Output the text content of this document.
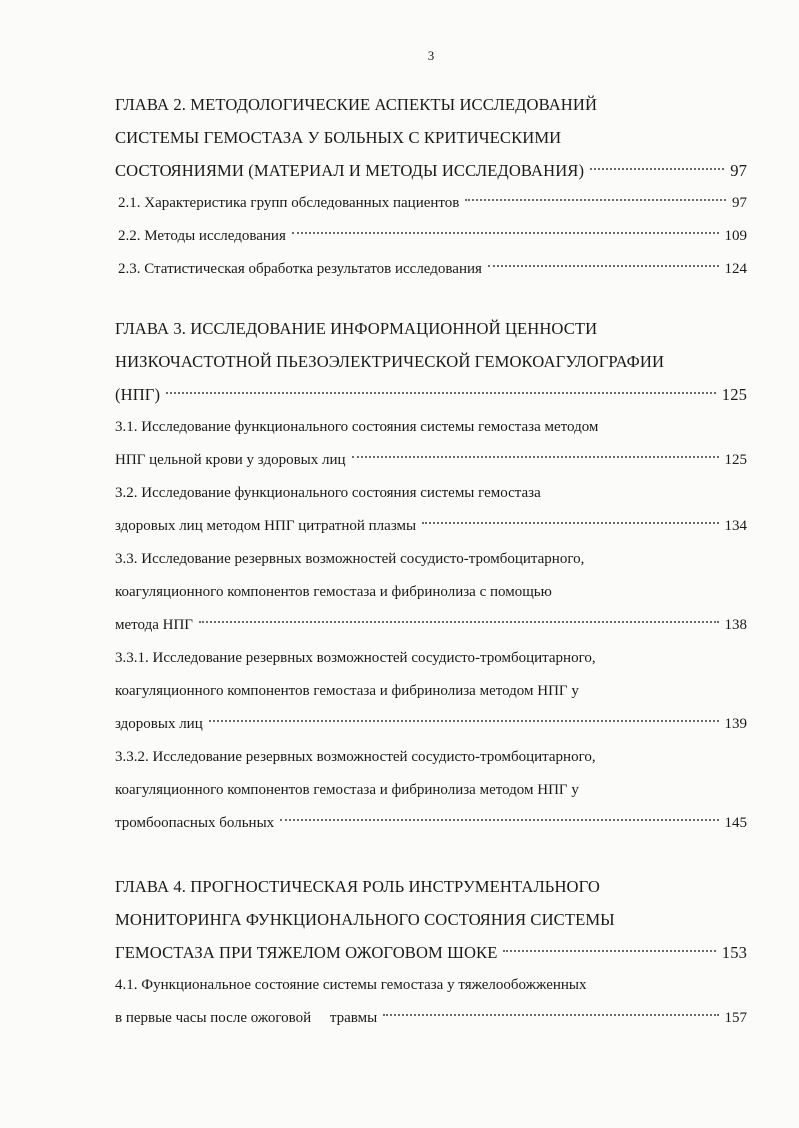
3
ГЛАВА 2. МЕТОДОЛОГИЧЕСКИЕ АСПЕКТЫ ИССЛЕДОВАНИЙ
СИСТЕМЫ ГЕМОСТАЗА У БОЛЬНЫХ С КРИТИЧЕСКИМИ
СОСТОЯНИЯМИ (МАТЕРИАЛ И МЕТОДЫ ИССЛЕДОВАНИЯ)	97
2.1. Характеристика групп обследованных пациентов	97
2.2. Методы исследования	109
2.3. Статистическая обработка результатов исследования	124
ГЛАВА 3. ИССЛЕДОВАНИЕ ИНФОРМАЦИОННОЙ ЦЕННОСТИ
НИЗКОЧАСТОТНОЙ ПЬЕЗОЭЛЕКТРИЧЕСКОЙ ГЕМОКОАГУЛОГРАФИИ
(НПГ)	125
3.1. Исследование функционального состояния системы гемостаза методом
НПГ цельной крови у здоровых лиц	125
3.2. Исследование функционального состояния системы гемостаза
здоровых лиц методом НПГ цитратной плазмы	134
3.3. Исследование резервных возможностей сосудисто-тромбоцитарного,
коагуляционного компонентов гемостаза и фибринолиза с помощью
метода НПГ	138
3.3.1. Исследование резервных возможностей сосудисто-тромбоцитарного,
коагуляционного компонентов гемостаза и фибринолиза методом НПГ у
здоровых лиц	139
3.3.2. Исследование резервных возможностей сосудисто-тромбоцитарного,
коагуляционного компонентов гемостаза и фибринолиза методом НПГ у
тромбоопасных больных	145
ГЛАВА 4. ПРОГНОСТИЧЕСКАЯ РОЛЬ ИНСТРУМЕНТАЛЬНОГО
МОНИТОРИНГА ФУНКЦИОНАЛЬНОГО СОСТОЯНИЯ СИСТЕМЫ
ГЕМОСТАЗА ПРИ ТЯЖЕЛОМ ОЖОГОВОМ ШОКЕ	153
4.1. Функциональное состояние системы гемостаза у тяжелообожженных
в первые часы после ожоговой     травмы	157
